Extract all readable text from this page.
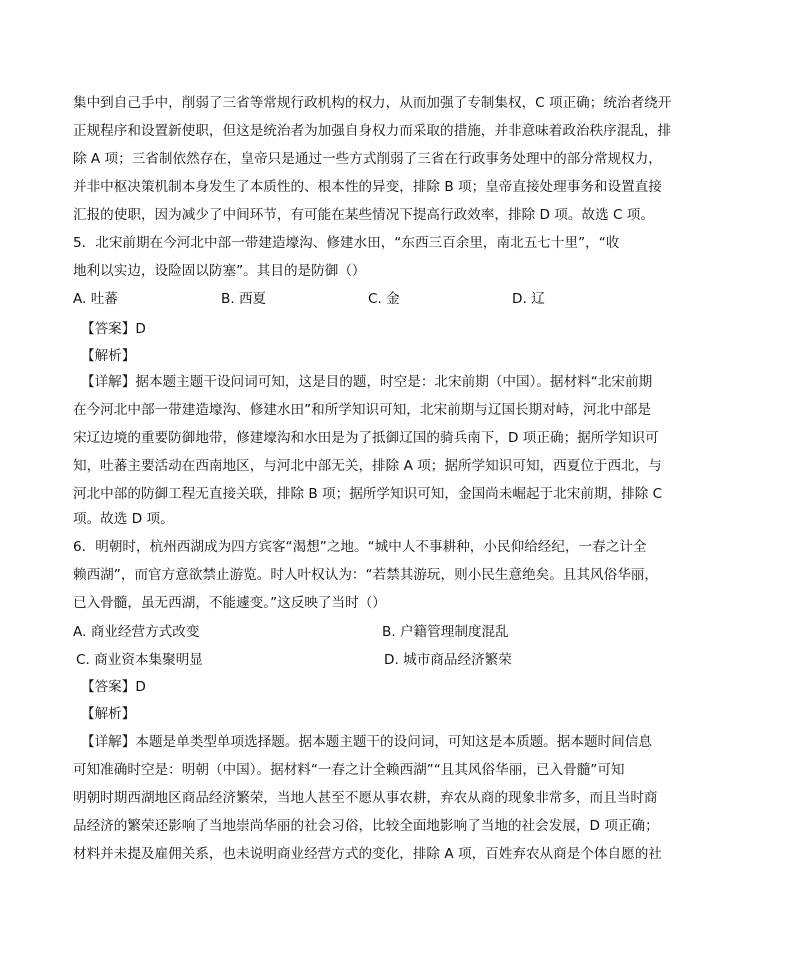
集中到自己手中，削弱了三省等常规行政机构的权力，从而加强了专制集权，C 项正确；统治者绕开
正规程序和设置新使职，但这是统治者为加强自身权力而采取的措施，并非意味着政治秩序混乱，排
除 A 项；三省制依然存在，皇帝只是通过一些方式削弱了三省在行政事务处理中的部分常规权力，
并非中枢决策机制本身发生了本质性的、根本性的异变，排除 B 项；皇帝直接处理事务和设置直接
汇报的使职，因为减少了中间环节，有可能在某些情况下提高行政效率，排除 D 项。故选 C 项。
5．北宋前期在今河北中部一带建造壕沟、修建水田，“东西三百余里，南北五七十里”，“收
地利以实边，设险固以防塞”。其目的是防御（）
A. 吐蕃	B. 西夏	C. 金	D. 辽
【答案】D
【解析】
【详解】据本题主题干设问词可知，这是目的题，时空是：北宋前期（中国）。据材料“北宋前期
在今河北中部一带建造壕沟、修建水田”和所学知识可知，北宋前期与辽国长期对峙，河北中部是
宋辽边境的重要防御地带，修建壕沟和水田是为了抵御辽国的骑兵南下，D 项正确；据所学知识可
知，吐蕃主要活动在西南地区，与河北中部无关，排除 A 项；据所学知识可知，西夏位于西北，与
河北中部的防御工程无直接关联，排除 B 项；据所学知识可知，金国尚未崛起于北宋前期，排除 C
项。故选 D 项。
6．明朝时，杭州西湖成为四方宾客“渴想”之地。“城中人不事耕种，小民仰给经纪，一春之计全
赖西湖”，而官方意欲禁止游览。时人叶权认为：“若禁其游玩，则小民生意绝矣。且其风俗华丽，
已入骨髓，虽无西湖，不能遽变。”这反映了当时（）
A. 商业经营方式改变	B. 户籍管理制度混乱
C. 商业资本集聚明显	D. 城市商品经济繁荣
【答案】D
【解析】
【详解】本题是单类型单项选择题。据本题主题干的设问词，可知这是本质题。据本题时间信息
可知准确时空是：明朝（中国）。据材料“一春之计全赖西湖”“且其风俗华丽，已入骨髓”可知
明朝时期西湖地区商品经济繁荣，当地人甚至不愿从事农耕，弃农从商的现象非常多，而且当时商
品经济的繁荣还影响了当地崇尚华丽的社会习俗，比较全面地影响了当地的社会发展，D 项正确；
材料并未提及雇佣关系，也未说明商业经营方式的变化，排除 A 项，百姓弃农从商是个体自愿的社
